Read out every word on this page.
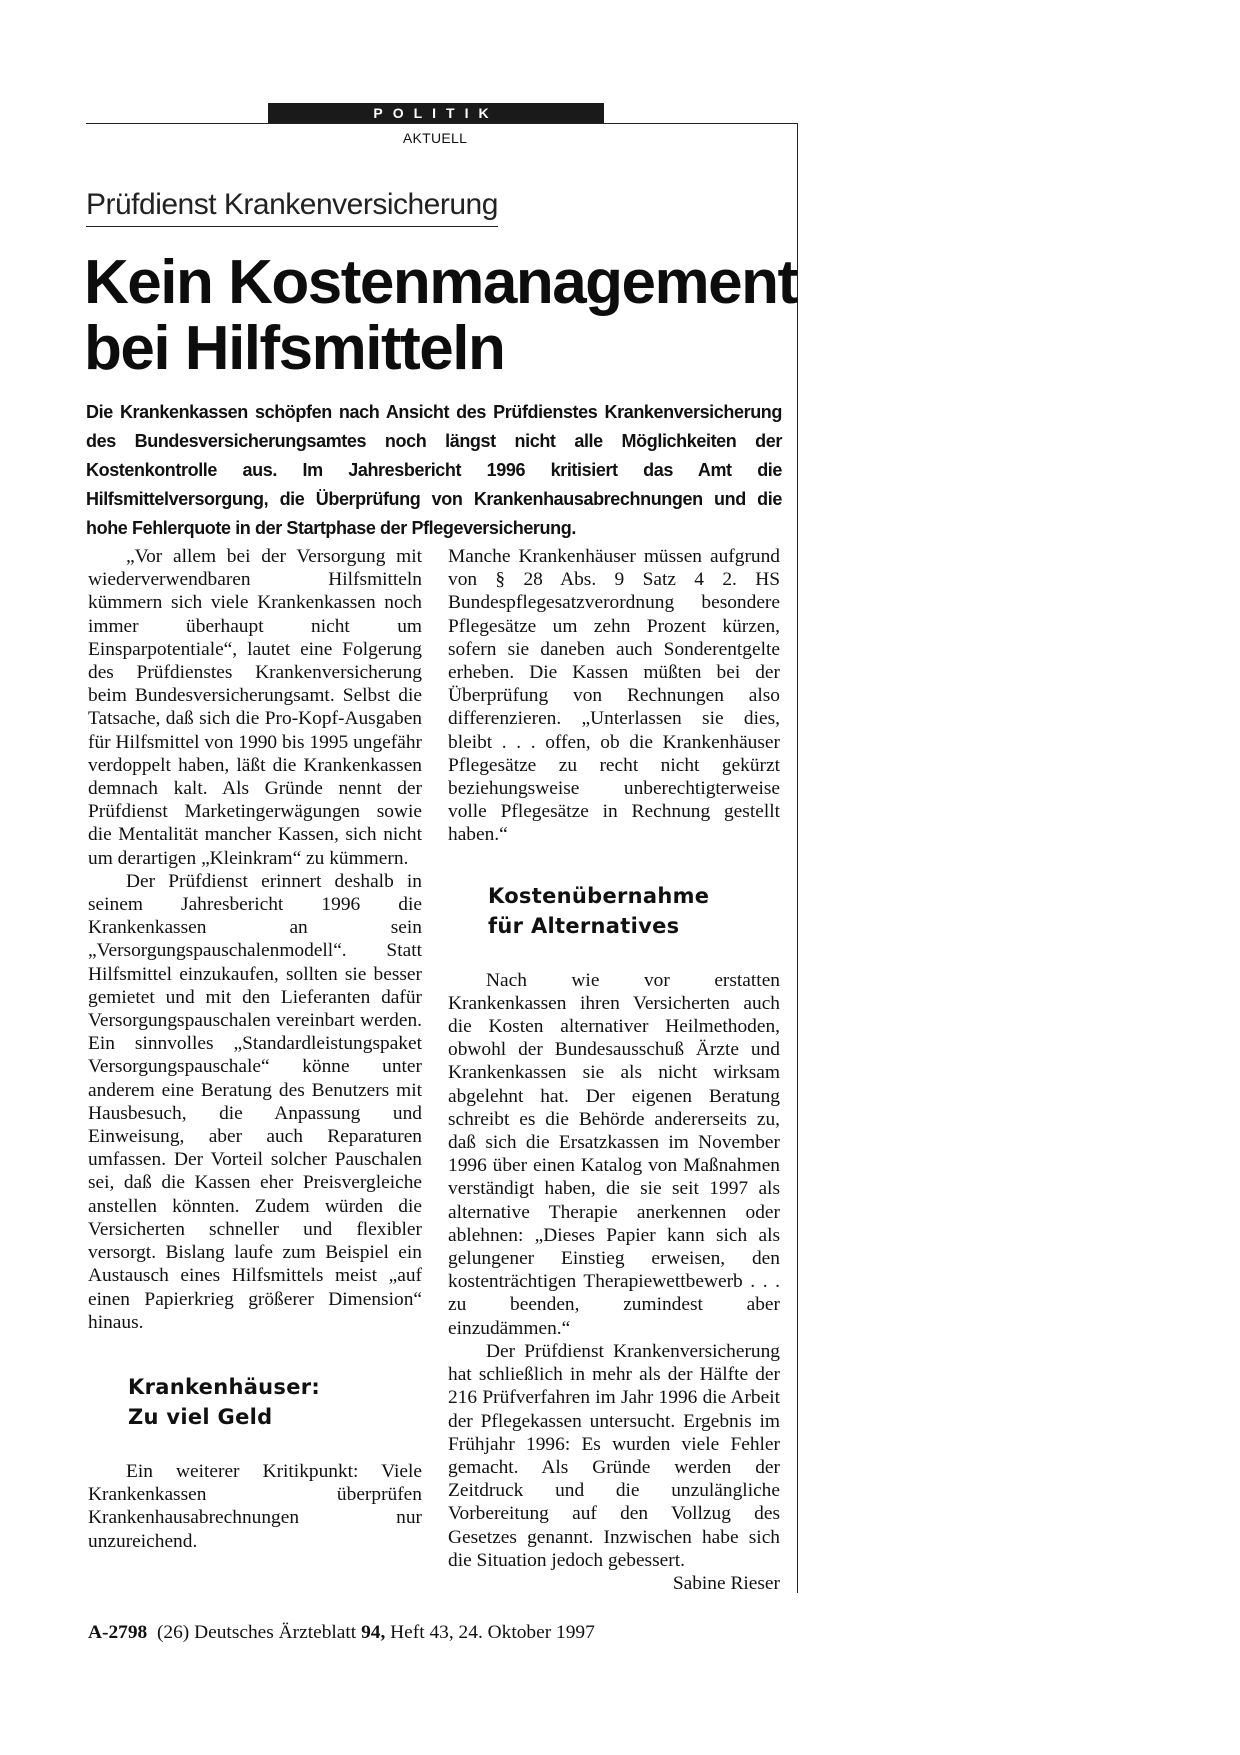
POLITIK
AKTUELL
Prüfdienst Krankenversicherung
Kein Kostenmanagement
bei Hilfsmitteln

Die Krankenkassen schöpfen nach Ansicht des Prüfdienstes Krankenversicherung des Bundesversicherungsamtes noch längst nicht alle Möglichkeiten der Kostenkontrolle aus. Im Jahresbericht 1996 kritisiert das Amt die Hilfsmittelversorgung, die Überprüfung von Krankenhausabrechnungen und die hohe Fehlerquote in der Startphase der Pflegeversicherung.

„Vor allem bei der Versorgung mit wiederverwendbaren Hilfsmitteln kümmern sich viele Krankenkassen noch immer überhaupt nicht um Einsparpotentiale“, lautet eine Folgerung des Prüfdienstes Krankenversicherung beim Bundesversicherungsamt. Selbst die Tatsache, daß sich die Pro-Kopf-Ausgaben für Hilfsmittel von 1990 bis 1995 ungefähr verdoppelt haben, läßt die Krankenkassen demnach kalt. Als Gründe nennt der Prüfdienst Marketingerwägungen sowie die Mentalität mancher Kassen, sich nicht um derartigen „Kleinkram“ zu kümmern.

Der Prüfdienst erinnert deshalb in seinem Jahresbericht 1996 die Krankenkassen an sein „Versorgungspauschalenmodell“. Statt Hilfsmittel einzukaufen, sollten sie besser gemietet und mit den Lieferanten dafür Versorgungspauschalen vereinbart werden. Ein sinnvolles „Standardleistungspaket Versorgungspauschale“ könne unter anderem eine Beratung des Benutzers mit Hausbesuch, die Anpassung und Einweisung, aber auch Reparaturen umfassen. Der Vorteil solcher Pauschalen sei, daß die Kassen eher Preisvergleiche anstellen könnten. Zudem würden die Versicherten schneller und flexibler versorgt. Bislang laufe zum Beispiel ein Austausch eines Hilfsmittels meist „auf einen Papierkrieg größerer Dimension“ hinaus.

Krankenhäuser:
Zu viel Geld

Ein weiterer Kritikpunkt: Viele Krankenkassen überprüfen Krankenhausabrechnungen nur unzureichend.

Manche Krankenhäuser müssen aufgrund von § 28 Abs. 9 Satz 4 2. HS Bundespflegesatzverordnung besondere Pflegesätze um zehn Prozent kürzen, sofern sie daneben auch Sonderentgelte erheben. Die Kassen müßten bei der Überprüfung von Rechnungen also differenzieren. „Unterlassen sie dies, bleibt . . . offen, ob die Krankenhäuser Pflegesätze zu recht nicht gekürzt beziehungsweise unberechtigterweise volle Pflegesätze in Rechnung gestellt haben.“

Kostenübernahme
für Alternatives

Nach wie vor erstatten Krankenkassen ihren Versicherten auch die Kosten alternativer Heilmethoden, obwohl der Bundesausschuß Ärzte und Krankenkassen sie als nicht wirksam abgelehnt hat. Der eigenen Beratung schreibt es die Behörde andererseits zu, daß sich die Ersatzkassen im November 1996 über einen Katalog von Maßnahmen verständigt haben, die sie seit 1997 als alternative Therapie anerkennen oder ablehnen: „Dieses Papier kann sich als gelungener Einstieg erweisen, den kostenträchtigen Therapiewettbewerb . . . zu beenden, zumindest aber einzudämmen.“

Der Prüfdienst Krankenversicherung hat schließlich in mehr als der Hälfte der 216 Prüfverfahren im Jahr 1996 die Arbeit der Pflegekassen untersucht. Ergebnis im Frühjahr 1996: Es wurden viele Fehler gemacht. Als Gründe werden der Zeitdruck und die unzulängliche Vorbereitung auf den Vollzug des Gesetzes genannt. Inzwischen habe sich die Situation jedoch gebessert.
Sabine Rieser

A-2798 (26) Deutsches Ärzteblatt 94, Heft 43, 24. Oktober 1997
